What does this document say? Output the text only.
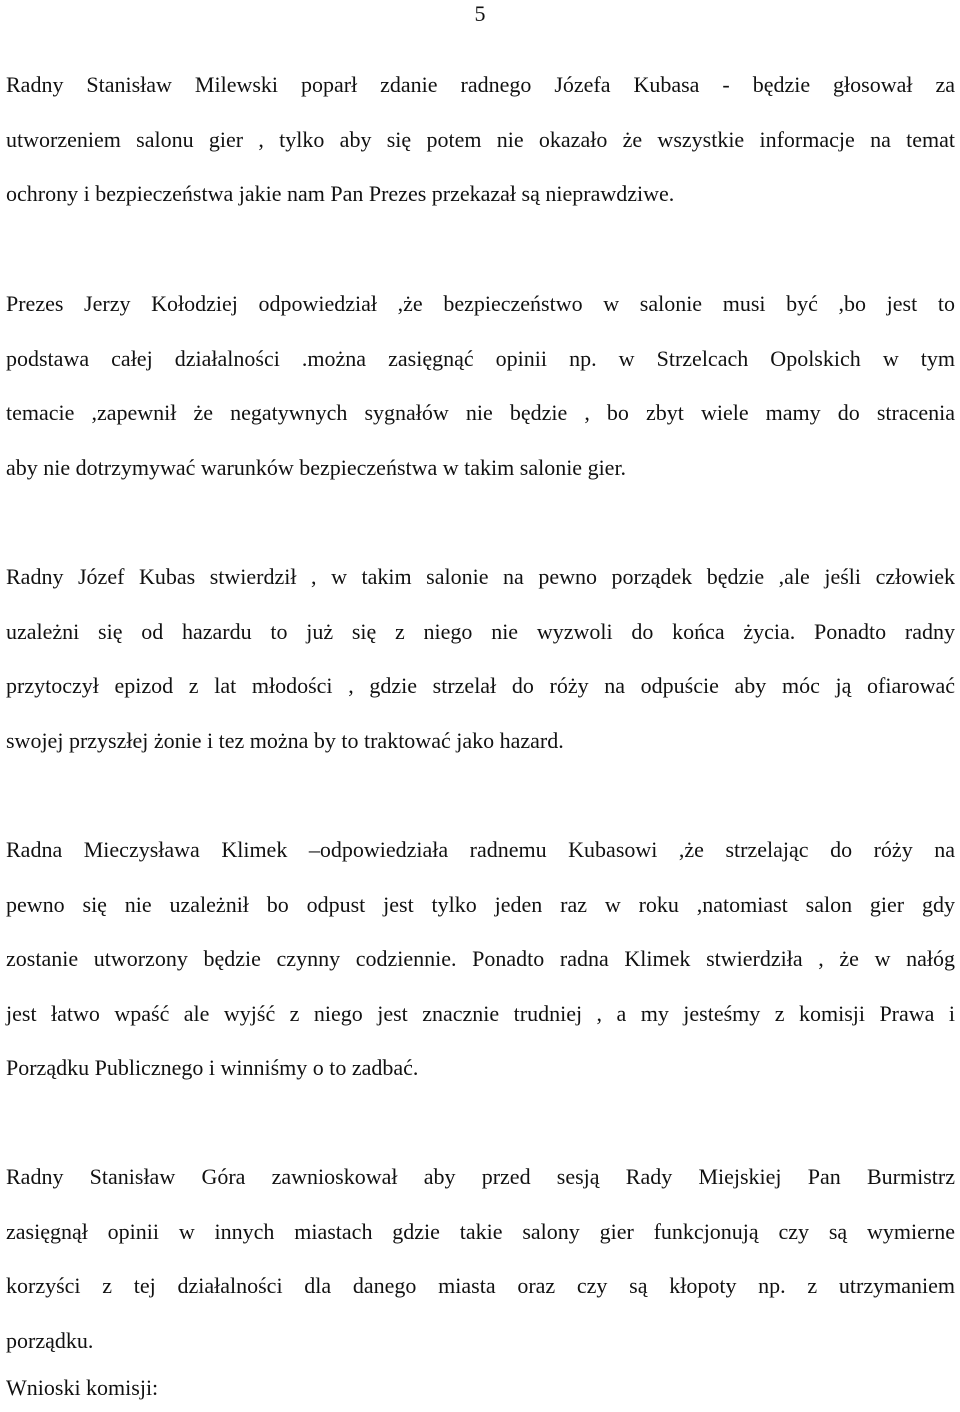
5

Radny Stanisław Milewski poparł zdanie radnego Józefa Kubasa - będzie głosował za
utworzeniem salonu gier , tylko aby się potem nie okazało że wszystkie informacje na temat
ochrony i bezpieczeństwa jakie nam Pan Prezes przekazał są nieprawdziwe.

Prezes Jerzy Kołodziej odpowiedział ,że bezpieczeństwo w salonie musi być ,bo jest to
podstawa całej działalności .można zasięgnąć opinii np. w Strzelcach Opolskich w tym
temacie ,zapewnił że negatywnych sygnałów nie będzie , bo zbyt wiele mamy do stracenia
aby nie dotrzymywać warunków bezpieczeństwa w takim salonie gier.

Radny Józef Kubas stwierdził , w takim salonie na pewno porządek będzie ,ale jeśli człowiek
uzależni się od hazardu to już się z niego nie wyzwoli do końca życia. Ponadto radny
przytoczył epizod z lat młodości , gdzie strzelał do róży na odpuście aby móc ją ofiarować
swojej przyszłej żonie i tez można by to traktować jako hazard.

Radna Mieczysława Klimek –odpowiedziała radnemu Kubasowi ,że strzelając do róży na
pewno się nie uzależnił bo odpust jest tylko jeden raz w roku ,natomiast salon gier gdy
zostanie utworzony będzie czynny codziennie. Ponadto radna Klimek stwierdziła , że w nałóg
jest łatwo wpaść ale wyjść z niego jest znacznie trudniej , a my jesteśmy z komisji Prawa i
Porządku Publicznego i winniśmy o to zadbać.

Radny Stanisław Góra zawnioskował aby przed sesją Rady Miejskiej Pan Burmistrz
zasięgnął opinii w innych miastach gdzie takie salony gier funkcjonują czy są wymierne
korzyści z tej działalności dla danego miasta oraz czy są kłopoty np. z utrzymaniem
porządku.

Wnioski komisji:
